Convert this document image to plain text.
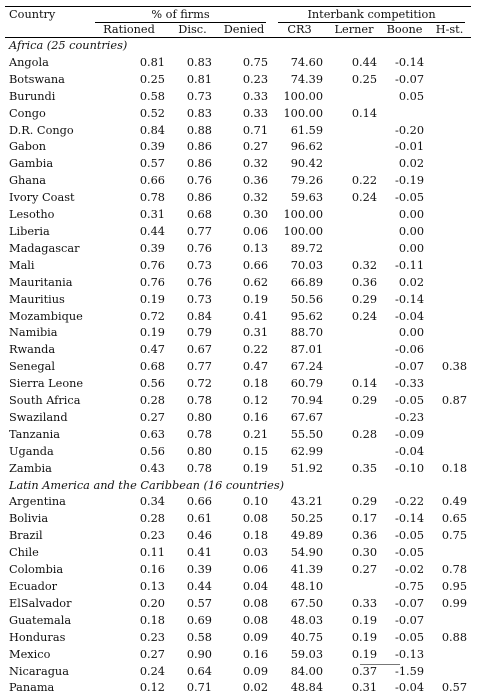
Country	% of firms			Interbank competition			

	Rationed	Disc.	Denied	CR3	Lerner	Boone	H-st.
Africa (25 countries)							
Angola	0.81	0.83	0.75	74.60	0.44	-0.14	
Botswana	0.25	0.81	0.23	74.39	0.25	-0.07	
Burundi	0.58	0.73	0.33	100.00		0.05	
Congo	0.52	0.83	0.33	100.00	0.14		
D.R. Congo	0.84	0.88	0.71	61.59		-0.20	
Gabon	0.39	0.86	0.27	96.62		-0.01	
Gambia	0.57	0.86	0.32	90.42		0.02	
Ghana	0.66	0.76	0.36	79.26	0.22	-0.19	
Ivory Coast	0.78	0.86	0.32	59.63	0.24	-0.05	
Lesotho	0.31	0.68	0.30	100.00		0.00	
Liberia	0.44	0.77	0.06	100.00		0.00	
Madagascar	0.39	0.76	0.13	89.72		0.00	
Mali	0.76	0.73	0.66	70.03	0.32	-0.11	
Mauritania	0.76	0.76	0.62	66.89	0.36	0.02	
Mauritius	0.19	0.73	0.19	50.56	0.29	-0.14	
Mozambique	0.72	0.84	0.41	95.62	0.24	-0.04	
Namibia	0.19	0.79	0.31	88.70		0.00	
Rwanda	0.47	0.67	0.22	87.01		-0.06	
Senegal	0.68	0.77	0.47	67.24		-0.07	0.38
Sierra Leone	0.56	0.72	0.18	60.79	0.14	-0.33	
South Africa	0.28	0.78	0.12	70.94	0.29	-0.05	0.87
Swaziland	0.27	0.80	0.16	67.67		-0.23	
Tanzania	0.63	0.78	0.21	55.50	0.28	-0.09	
Uganda	0.56	0.80	0.15	62.99		-0.04	
Zambia	0.43	0.78	0.19	51.92	0.35	-0.10	0.18
Latin America and the Caribbean (16 countries)							
Argentina	0.34	0.66	0.10	43.21	0.29	-0.22	0.49
Bolivia	0.28	0.61	0.08	50.25	0.17	-0.14	0.65
Brazil	0.23	0.46	0.18	49.89	0.36	-0.05	0.75
Chile	0.11	0.41	0.03	54.90	0.30	-0.05	
Colombia	0.16	0.39	0.06	41.39	0.27	-0.02	0.78
Ecuador	0.13	0.44	0.04	48.10		-0.75	0.95
ElSalvador	0.20	0.57	0.08	67.50	0.33	-0.07	0.99
Guatemala	0.18	0.69	0.08	48.03	0.19	-0.07	
Honduras	0.23	0.58	0.09	40.75	0.19	-0.05	0.88
Mexico	0.27	0.90	0.16	59.03	0.19	-0.13	
Nicaragua	0.24	0.64	0.09	84.00	0.37	-1.59	
Panama	0.12	0.71	0.02	48.84	0.31	-0.04	0.57
